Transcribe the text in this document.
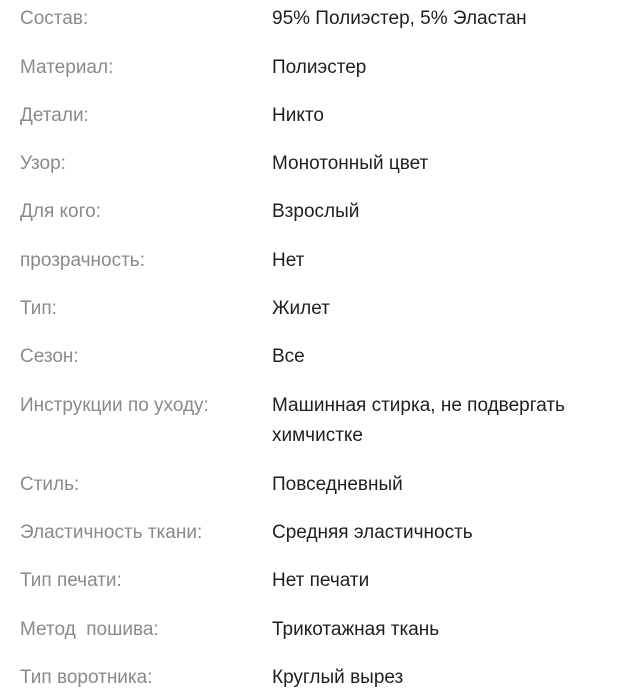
Состав:	95% Полиэстер, 5% Эластан
Материал:	Полиэстер
Детали:	Никто
Узор:	Монотонный цвет
Для кого:	Взрослый
прозрачность:	Нет
Тип:	Жилет
Сезон:	Все
Инструкции по уходу:	Машинная стирка, не подвергать химчистке
Стиль:	Повседневный
Эластичность ткани:	Средняя эластичность
Тип печати:	Нет печати
Метод  пошива:	Трикотажная ткань
Тип воротника:	Круглый вырез
